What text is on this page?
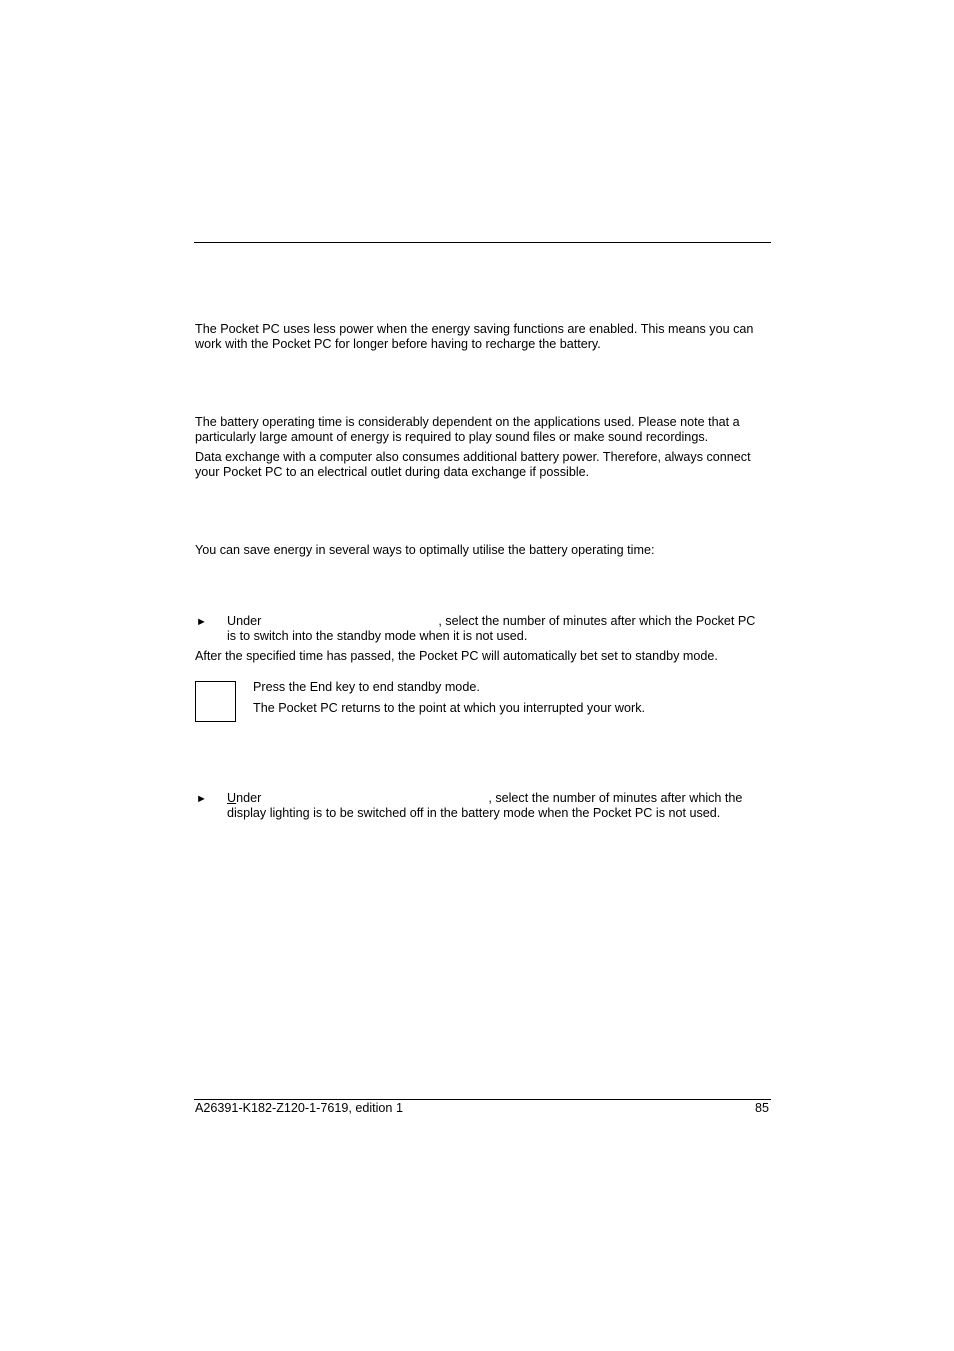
The Pocket PC uses less power when the energy saving functions are enabled. This means you can
work with the Pocket PC for longer before having to recharge the battery.

The battery operating time is considerably dependent on the applications used. Please note that a
particularly large amount of energy is required to play sound files or make sound recordings.

Data exchange with a computer also consumes additional battery power. Therefore, always connect
your Pocket PC to an electrical outlet during data exchange if possible.

You can save energy in several ways to optimally utilise the battery operating time:

► Under	, select the number of minutes after which the Pocket PC
is to switch into the standby mode when it is not used.

After the specified time has passed, the Pocket PC will automatically bet set to standby mode.

Press the End key to end standby mode.

The Pocket PC returns to the point at which you interrupted your work.

► Under	, select the number of minutes after which the
display lighting is to be switched off in the battery mode when the Pocket PC is not used.

A26391-K182-Z120-1-7619, edition 1	85
